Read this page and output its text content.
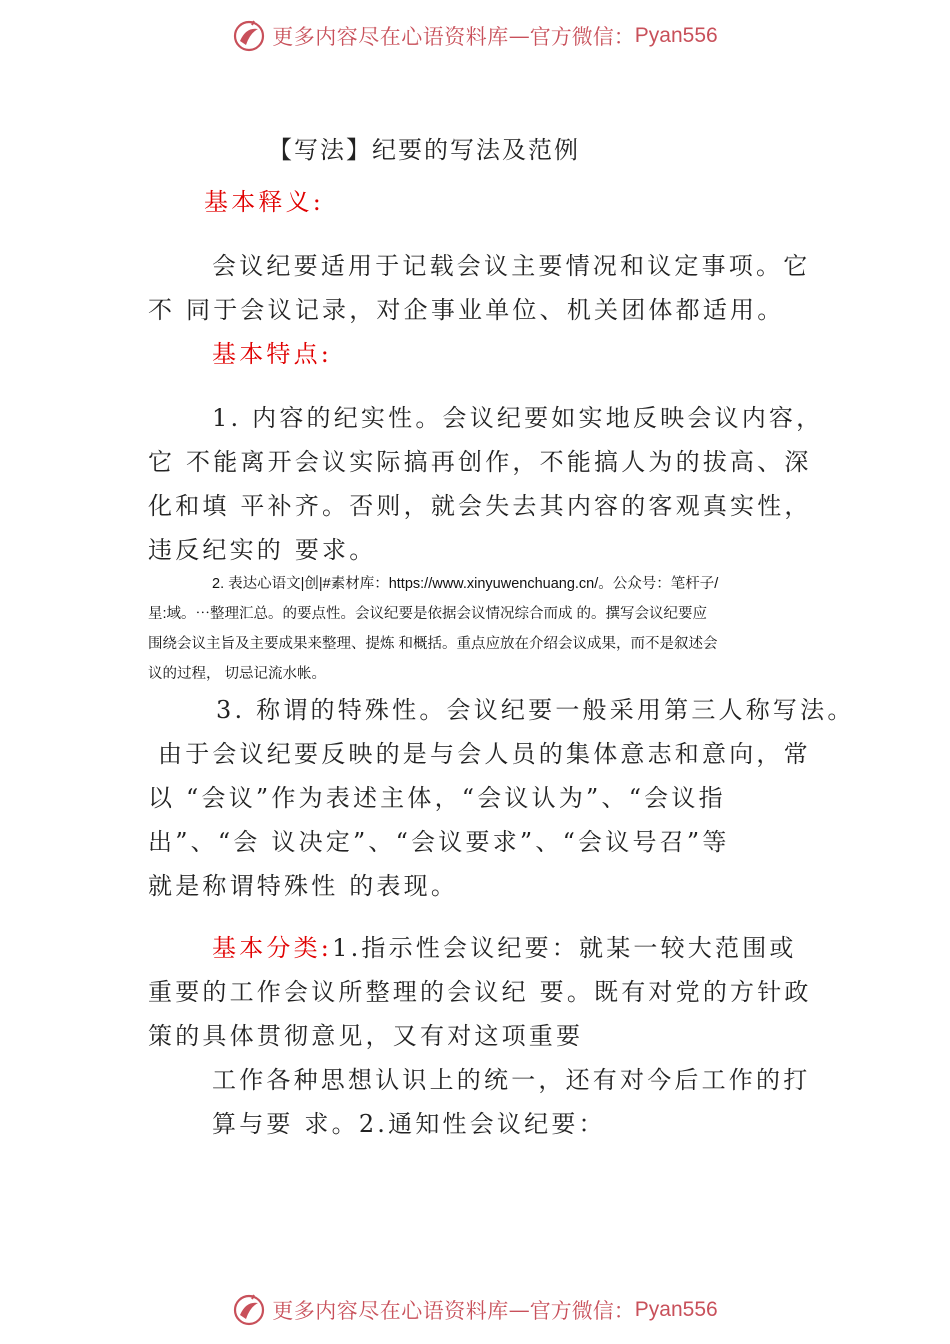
更多内容尽在心语资料库 — 官方微信： Pyan556
【写法】纪要的写法及范例
基本释义:
会议纪要适用于记载会议主要情况和议定事项。它
不 同于会议记录，对企事业单位、机关团体都适用。
基本特点:
1. 内容的纪实性。会议纪要如实地反映会议内容，
它 不能离开会议实际搞再创作，不能搞人为的拔高、深
化和填 平补齐。否则，就会失去其内容的客观真实性，
违反纪实的 要求。
2. 表达心语文|创|#素材库：https://www.xinyuwenchuang.cn/。公众号：笔杆子/
星:域。⋯整理汇总。的要点性。会议纪要是依据会议情况综合而成 的。撰写会议纪要应
围绕会议主旨及主要成果来整理、提炼 和概括。重点应放在介绍会议成果，而不是叙述会
议的过程， 切忌记流水帐。
3. 称谓的特殊性。会议纪要一般采用第三人称写法。
由于会议纪要反映的是与会人员的集体意志和意向，常
以 “会议”作为表述主体，“会议认为”、“会议指
出”、“会 议决定”、“会议要求”、“会议号召”等
就是称谓特殊性 的表现。
基本分类:1.指示性会议纪要：就某一较大范围或
重要的工作会议所整理的会议纪 要。既有对党的方针政
策的具体贯彻意见，又有对这项重要
工作各种思想认识上的统一，还有对今后工作的打
算与要 求。2.通知性会议纪要：
更多内容尽在心语资料库 — 官方微信： Pyan556
